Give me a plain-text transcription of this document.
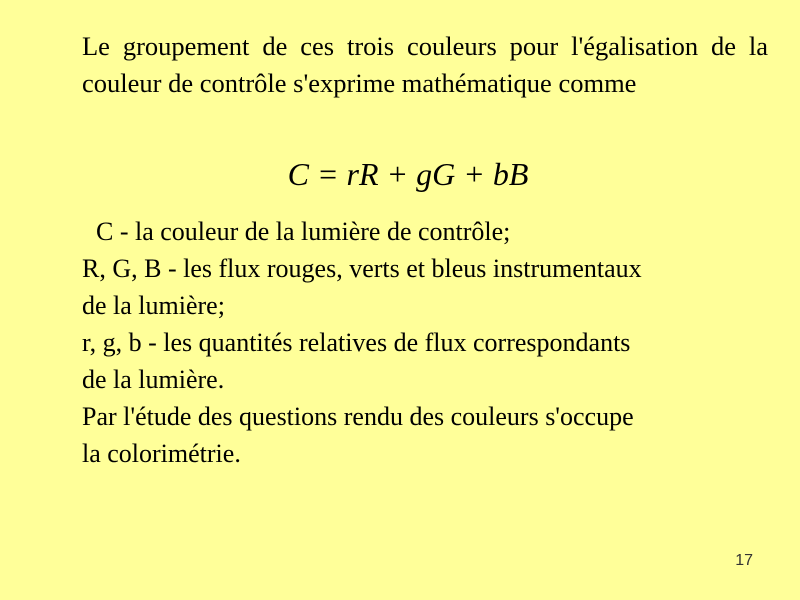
Le groupement de ces trois couleurs pour l'égalisation de la couleur de contrôle s'exprime mathématique comme

C = rR + gG + bB
C - la couleur de la lumière de contrôle;
R, G, B - les flux rouges, verts et bleus instrumentaux
de la lumière;
r, g, b - les quantités relatives de flux correspondants
de la lumière.
Par l'étude des questions rendu des couleurs s'occupe
la colorimétrie.
17
